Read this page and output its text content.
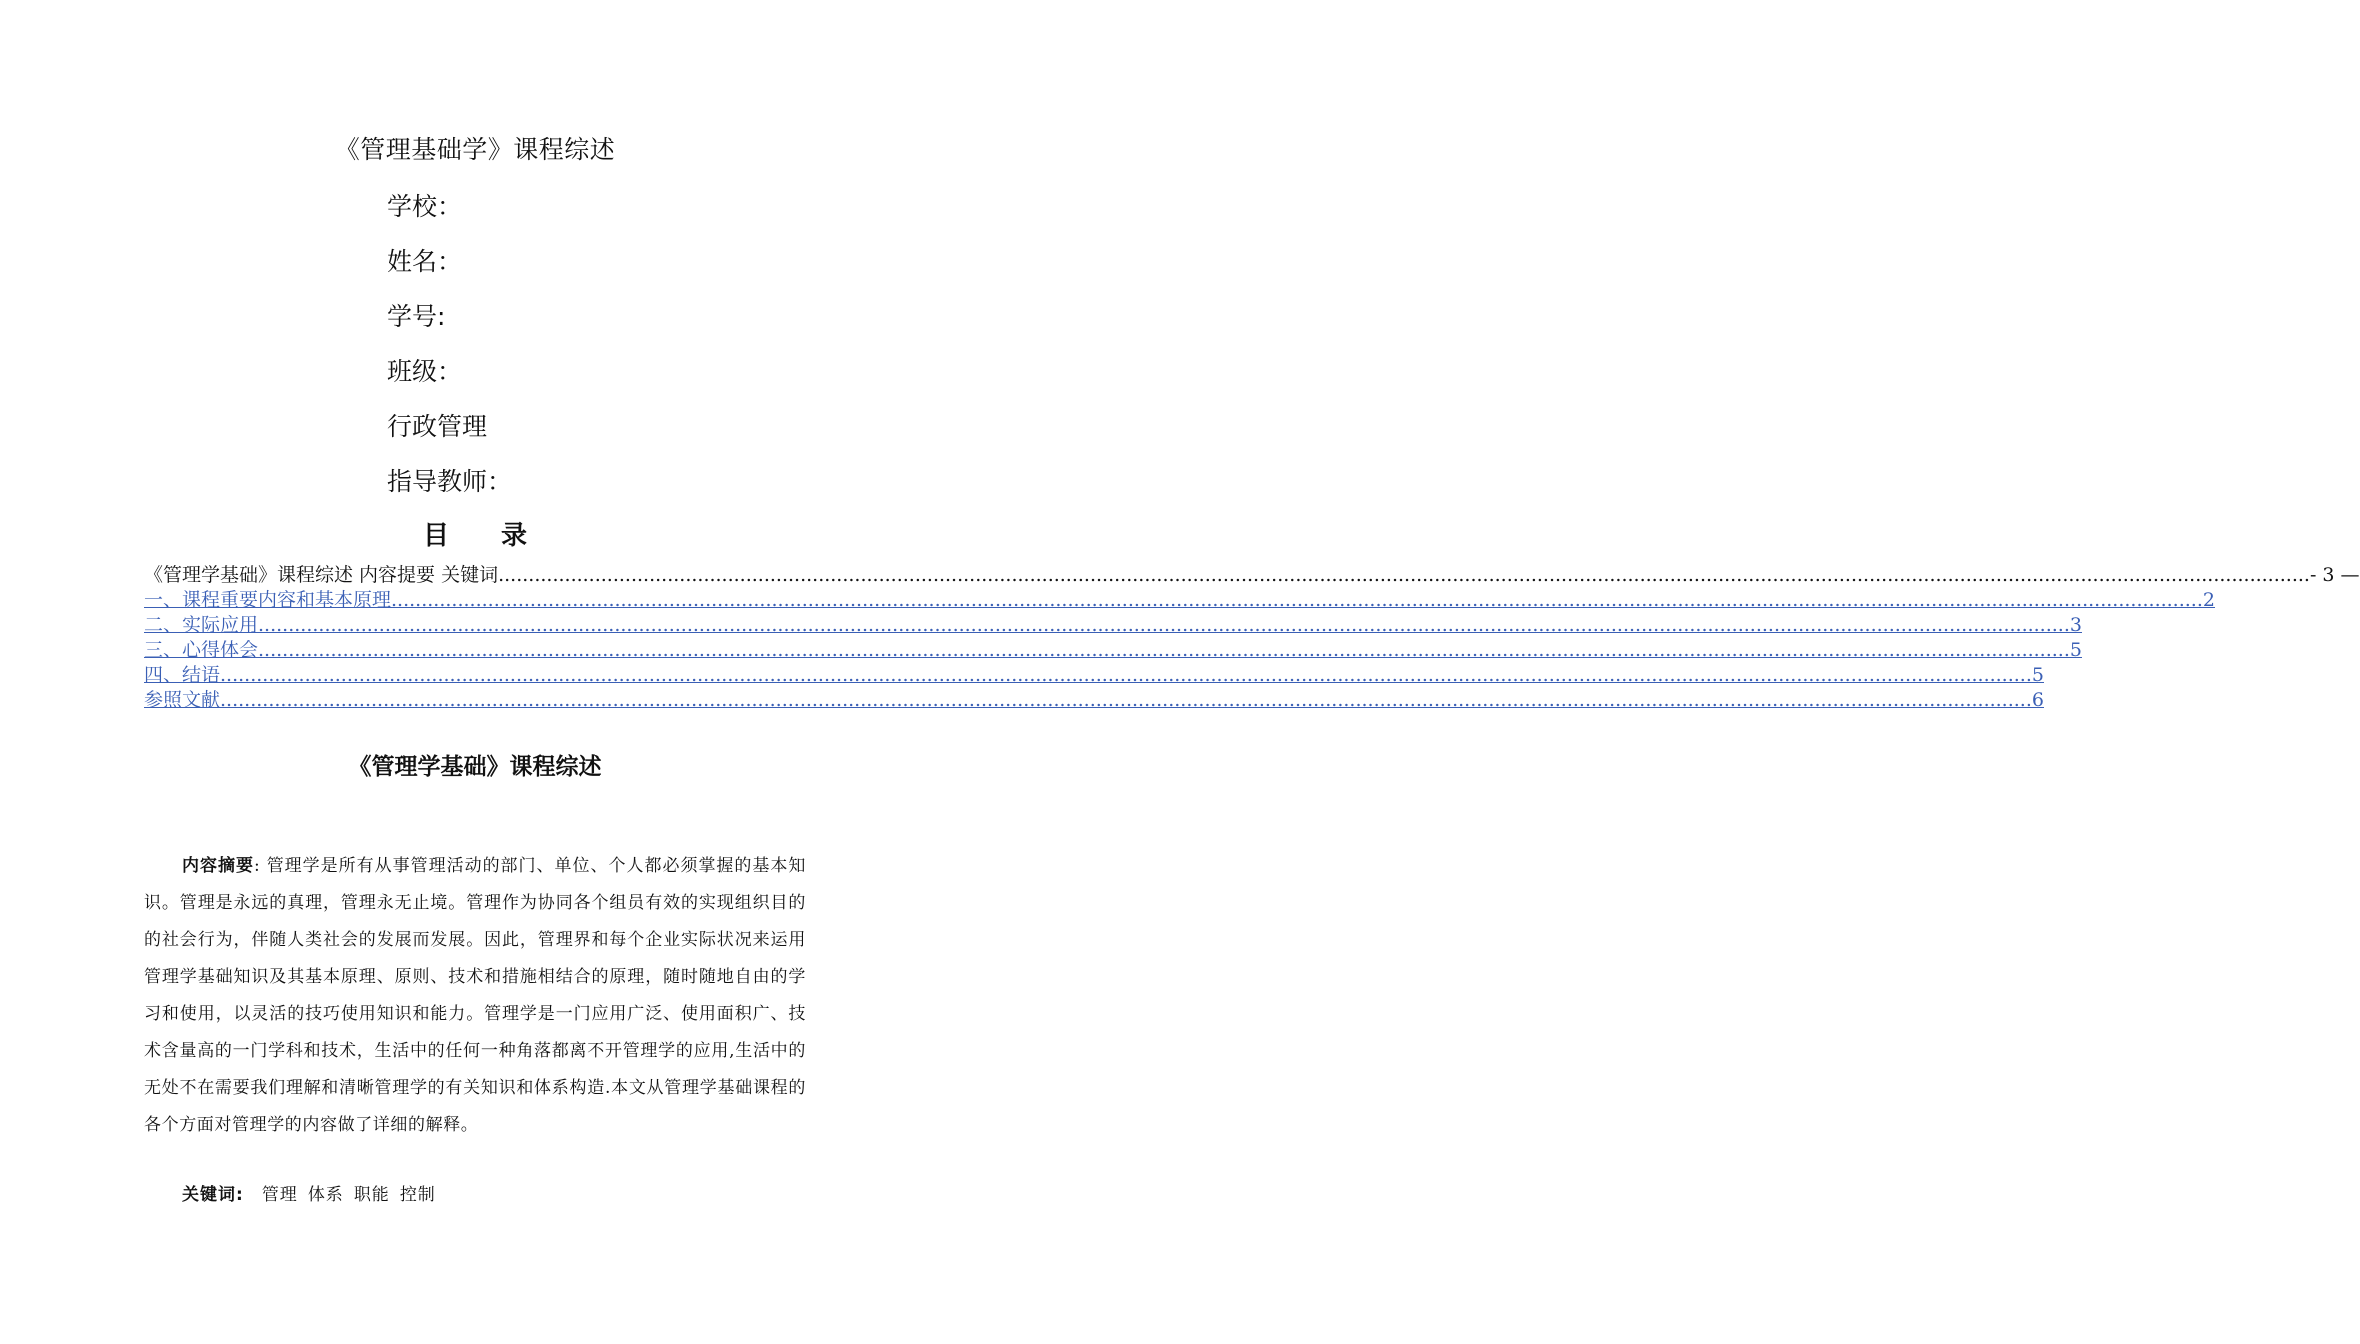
《管理基础学》课程综述
学校：
姓名：
学号:
班级：
行政管理
指导教师：
目 录
《管理学基础》课程综述 内容提要 关键词 ............................................................................................................................................................................................................................................................................................................ - 3 —
一、课程重要内容和基本原理 ............................................................................................................................................................................................................................................................................................................ 2
二、实际应用 ............................................................................................................................................................................................................................................................................................................ 3
三、心得体会 ............................................................................................................................................................................................................................................................................................................ 5
四、结语 ............................................................................................................................................................................................................................................................................................................ 5
参照文献 ............................................................................................................................................................................................................................................................................................................ 6
《管理学基础》课程综述
内容摘要: 管理学是所有从事管理活动的部门、单位、个人都必须掌握的基本知识。管理是永远的真理，管理永无止境。管理作为协同各个组员有效的实现组织目的的社会行为，伴随人类社会的发展而发展。因此，管理界和每个企业实际状况来运用管理学基础知识及其基本原理、原则、技术和措施相结合的原理，随时随地自由的学习和使用，以灵活的技巧使用知识和能力。管理学是一门应用广泛、使用面积广、技术含量高的一门学科和技术，生活中的任何一种角落都离不开管理学的应用,生活中的无处不在需要我们理解和清晰管理学的有关知识和体系构造.本文从管理学基础课程的各个方面对管理学的内容做了详细的解释。
关键词: 管理 体系 职能 控制
